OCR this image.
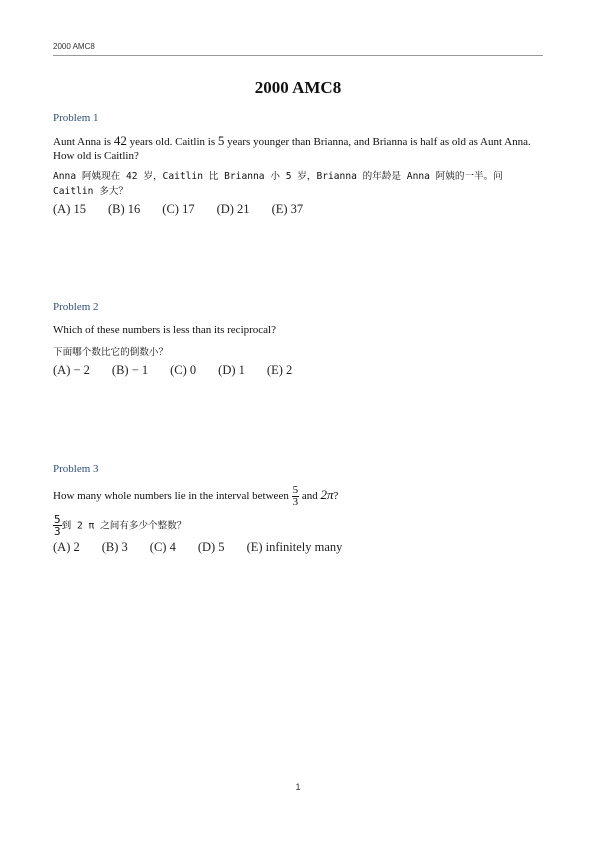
2000 AMC8
2000 AMC8

Problem 1

Aunt Anna is 42 years old. Caitlin is 5 years younger than Brianna, and Brianna is half as old as Aunt Anna. How old is Caitlin?

Anna 阿姨现在 42 岁，Caitlin 比 Brianna 小 5 岁，Brianna 的年龄是 Anna 阿姨的一半。问
Caitlin 多大？

(A) 15 (B) 16 (C) 17 (D) 21 (E) 37

Problem 2

Which of these numbers is less than its reciprocal?

下面哪个数比它的倒数小？

(A) − 2 (B) − 1 (C) 0 (D) 1 (E) 2

Problem 3

How many whole numbers lie in the interval between $\frac{5}{3}$ and 2π?

$\frac{5}{3}$ 到 2 π 之间有多少个整数？

(A) 2 (B) 3 (C) 4 (D) 5 (E) infinitely many

1
